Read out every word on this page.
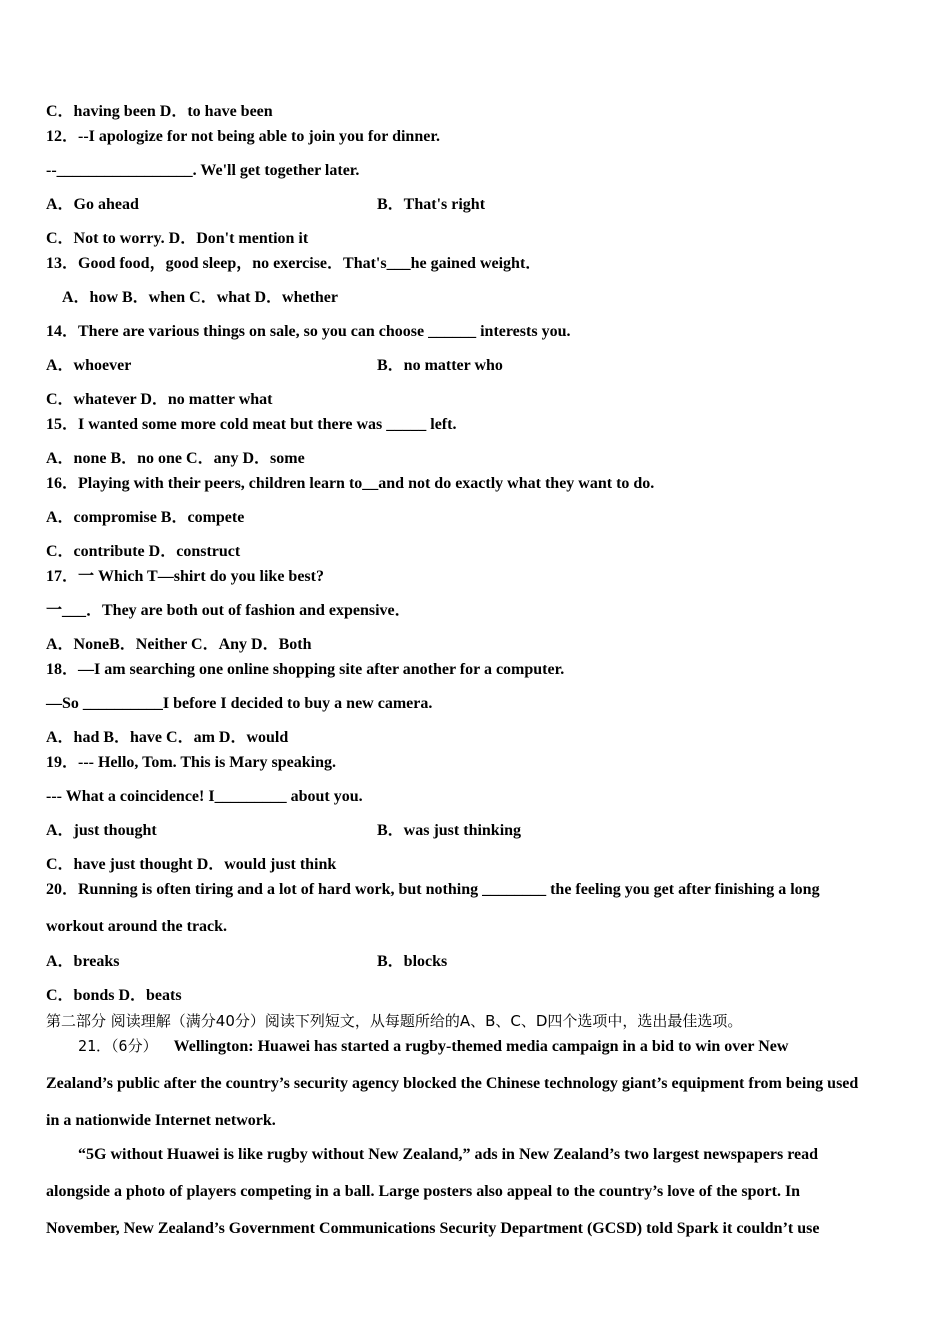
C．having been D．to have been
12．--I apologize for not being able to join you for dinner.
--_________________. We'll get together later.
A．Go ahead	B．That's right
C．Not to worry. D．Don't mention it
13．Good food，good sleep，no exercise．That's___he gained weight．
A．how B．when C．what D．whether
14．There are various things on sale, so you can choose ______ interests you.
A．whoever	B．no matter who
C．whatever D．no matter what
15．I wanted some more cold meat but there was _____ left.
A．none B．no one C．any D．some
16．Playing with their peers, children learn to__and not do exactly what they want to do.
A．compromise B．compete
C．contribute D．construct
17．一 Which T—shirt do you like best?
一___．They are both out of fashion and expensive．
A．NoneB．Neither C．Any D．Both
18．—I am searching one online shopping site after another for a computer.
—So __________I before I decided to buy a new camera.
A．had B．have C．am D．would
19．--- Hello, Tom. This is Mary speaking.
--- What a coincidence! I_________ about you.
A．just thought	B．was just thinking
C．have just thought D．would just think
20．Running is often tiring and a lot of hard work, but nothing ________ the feeling you get after finishing a long
workout around the track.
A．breaks	B．blocks
C．bonds D．beats
第二部分 阅读理解（满分40分）阅读下列短文，从每题所给的A、B、C、D四个选项中，选出最佳选项。
21．（6分） Wellington: Huawei has started a rugby-themed media campaign in a bid to win over New
Zealand’s public after the country’s security agency blocked the Chinese technology giant’s equipment from being used
in a nationwide Internet network.
“5G without Huawei is like rugby without New Zealand,” ads in New Zealand’s two largest newspapers read
alongside a photo of players competing in a ball. Large posters also appeal to the country’s love of the sport. In
November, New Zealand’s Government Communications Security Department (GCSD) told Spark it couldn’t use
